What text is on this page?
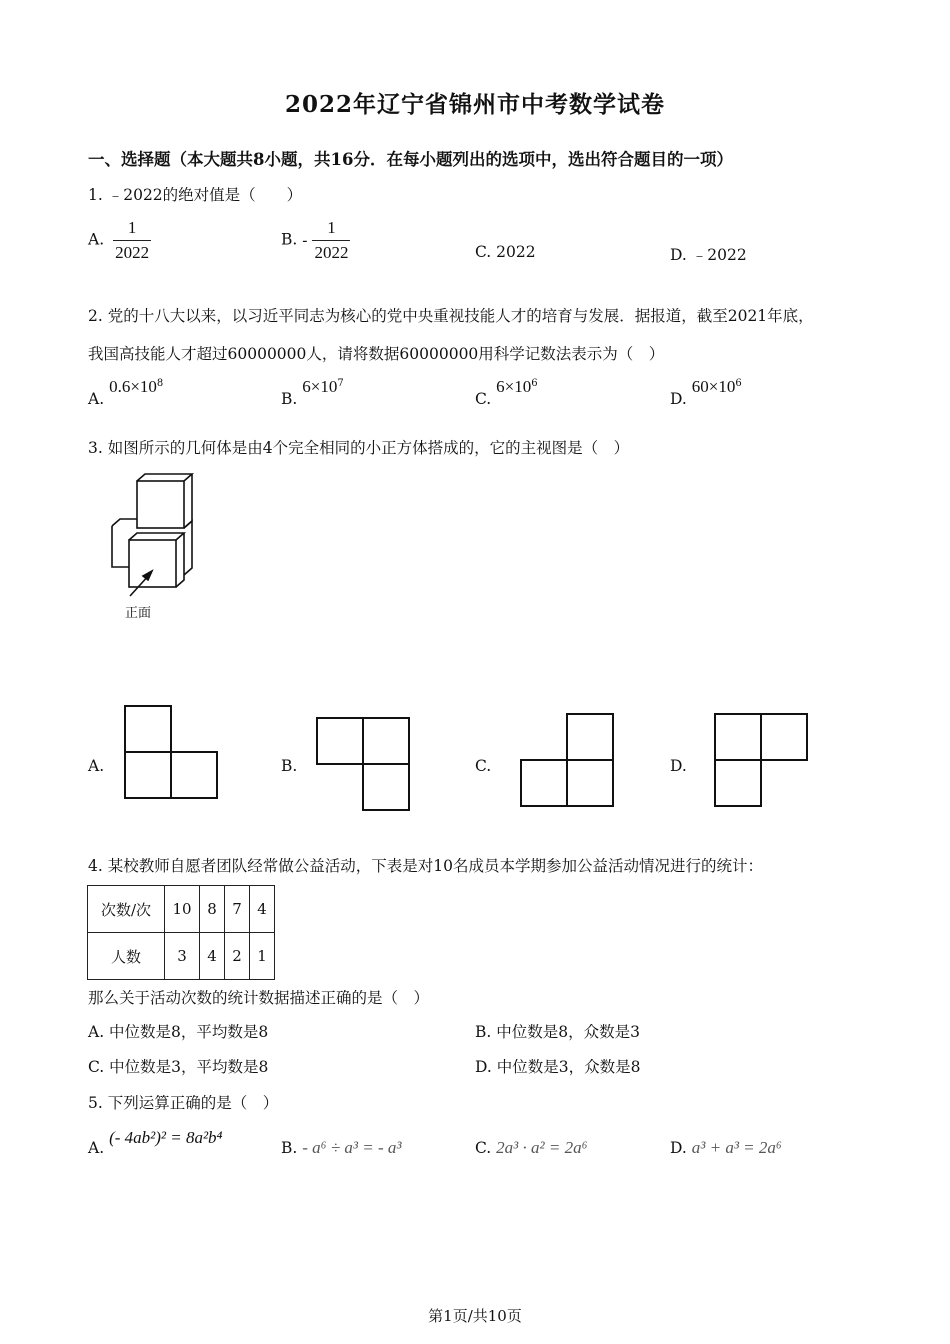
2022年辽宁省锦州市中考数学试卷
一、选择题（本大题共8小题，共16分．在每小题列出的选项中，选出符合题目的一项）
1. ﹣2022的绝对值是（　　）
A. $\frac{1}{2022}$	B. - $\frac{1}{2022}$	C. 2022	D. ﹣2022
2. 党的十八大以来，以习近平同志为核心的党中央重视技能人才的培育与发展．据报道，截至2021年底，
我国高技能人才超过60000000人，请将数据60000000用科学记数法表示为（　）
A. $0.6\times 10^8$
B. $6\times 10^7$
C. $6\times 10^6$
D. $60\times 10^6$
3. 如图所示的几何体是由4个完全相同的小正方体搭成的，它的主视图是（　）
正面
A.	B.	C.	D.
4. 某校教师自愿者团队经常做公益活动，下表是对10名成员本学期参加公益活动情况进行的统计：
次数/次	10	8	7	4
人数	3	4	2	1
那么关于活动次数的统计数据描述正确的是（　）
A. 中位数是8，平均数是8	B. 中位数是8，众数是3
C. 中位数是3，平均数是8	D. 中位数是3，众数是8
5. 下列运算正确的是（　）
A. (- 4ab²)² = 8a²b⁴
B. - a⁶ ÷ a³ = - a³	C. 2a³ · a² = 2a⁶	D. a³ + a³ = 2a⁶
第1页/共10页
